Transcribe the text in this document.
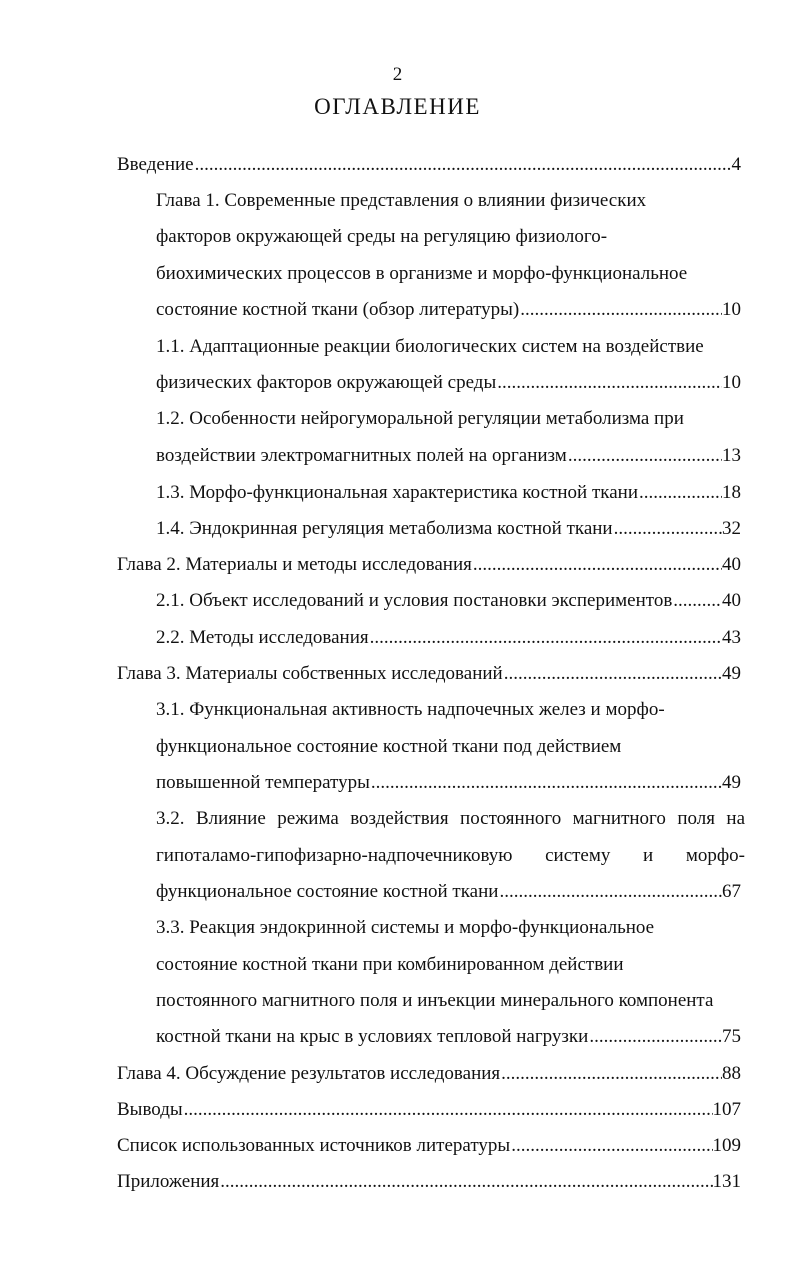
2
ОГЛАВЛЕНИЕ
Введение .....	4
Глава 1. Современные представления о влиянии физических
факторов окружающей среды на регуляцию физиолого-
биохимических процессов в организме и морфо-функциональное
состояние костной ткани (обзор литературы) .....	10
1.1. Адаптационные реакции биологических систем на воздействие
физических факторов окружающей среды .....	10
1.2. Особенности нейрогуморальной регуляции метаболизма при
воздействии электромагнитных полей на организм .....	13
1.3. Морфо-функциональная характеристика костной ткани .....	18
1.4. Эндокринная регуляция метаболизма костной ткани .....	32
Глава 2. Материалы и методы исследования .....	40
2.1. Объект исследований и условия постановки экспериментов .....	40
2.2. Методы исследования .....	43
Глава 3. Материалы собственных исследований .....	49
3.1. Функциональная активность надпочечных желез и морфо-
функциональное состояние костной ткани под действием
повышенной температуры .....	49
3.2. Влияние режима воздействия постоянного магнитного поля на
гипоталамо-гипофизарно-надпочечниковую систему и морфо-
функциональное состояние костной ткани .....	67
3.3. Реакция эндокринной системы и морфо-функциональное
состояние костной ткани при комбинированном действии
постоянного магнитного поля и инъекции минерального компонента
костной ткани на крыс в условиях тепловой нагрузки .....	75
Глава 4. Обсуждение результатов исследования .....	88
Выводы .....	107
Список использованных источников литературы .....	109
Приложения .....	131
